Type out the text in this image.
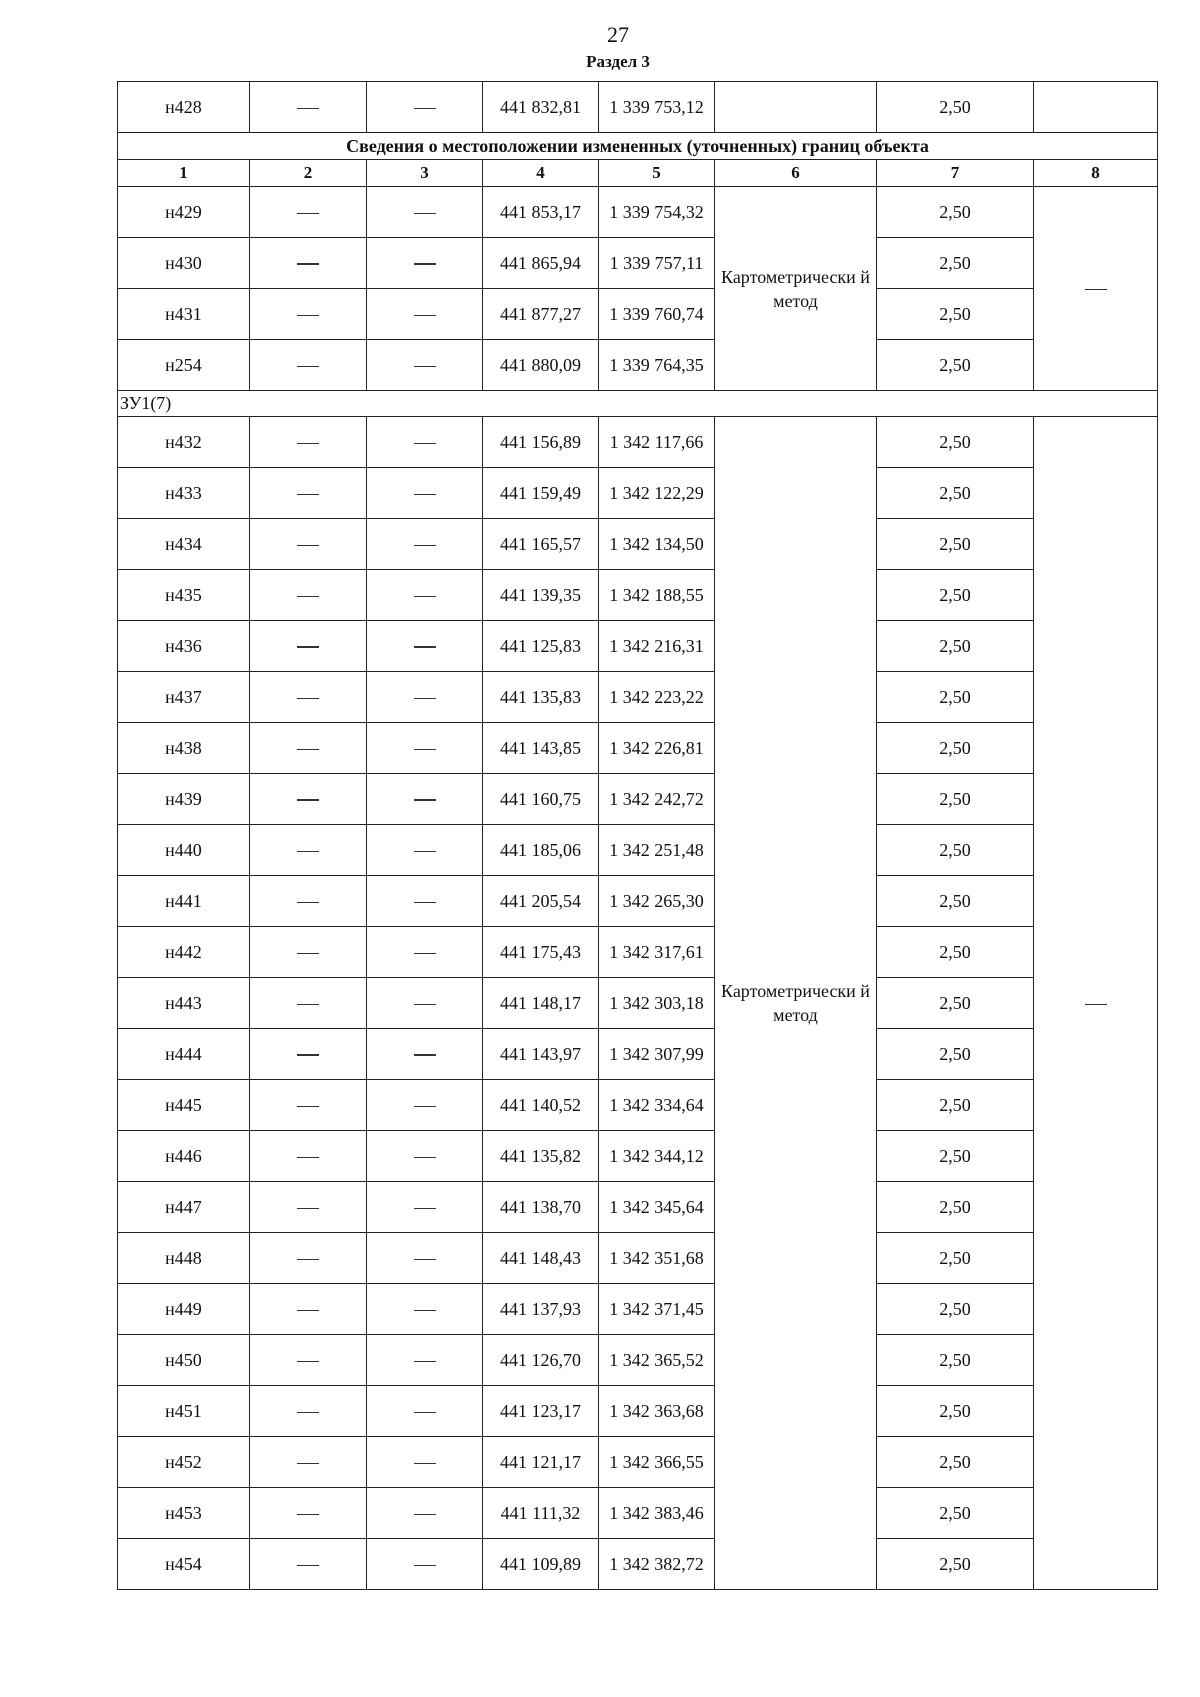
27
Раздел 3
н428			441 832,81	1 339 753,12		2,50	
Сведения о местоположении измененных (уточненных) границ объекта							
1	2	3	4	5	6	7	8
н429			441 853,17	1 339 754,32	Картометрически й метод	2,50	
н430			441 865,94	1 339 757,11		2,50	
н431			441 877,27	1 339 760,74		2,50	
н254			441 880,09	1 339 764,35		2,50	
ЗУ1(7)							
н432			441 156,89	1 342 117,66	Картометрически й метод	2,50	
н433			441 159,49	1 342 122,29		2,50	
н434			441 165,57	1 342 134,50		2,50	
н435			441 139,35	1 342 188,55		2,50	
н436			441 125,83	1 342 216,31		2,50	
н437			441 135,83	1 342 223,22		2,50	
н438			441 143,85	1 342 226,81		2,50	
н439			441 160,75	1 342 242,72		2,50	
н440			441 185,06	1 342 251,48		2,50	
н441			441 205,54	1 342 265,30		2,50	
н442			441 175,43	1 342 317,61		2,50	
н443			441 148,17	1 342 303,18		2,50	
н444			441 143,97	1 342 307,99		2,50	
н445			441 140,52	1 342 334,64		2,50	
н446			441 135,82	1 342 344,12		2,50	
н447			441 138,70	1 342 345,64		2,50	
н448			441 148,43	1 342 351,68		2,50	
н449			441 137,93	1 342 371,45		2,50	
н450			441 126,70	1 342 365,52		2,50	
н451			441 123,17	1 342 363,68		2,50	
н452			441 121,17	1 342 366,55		2,50	
н453			441 111,32	1 342 383,46		2,50	
н454			441 109,89	1 342 382,72		2,50	
